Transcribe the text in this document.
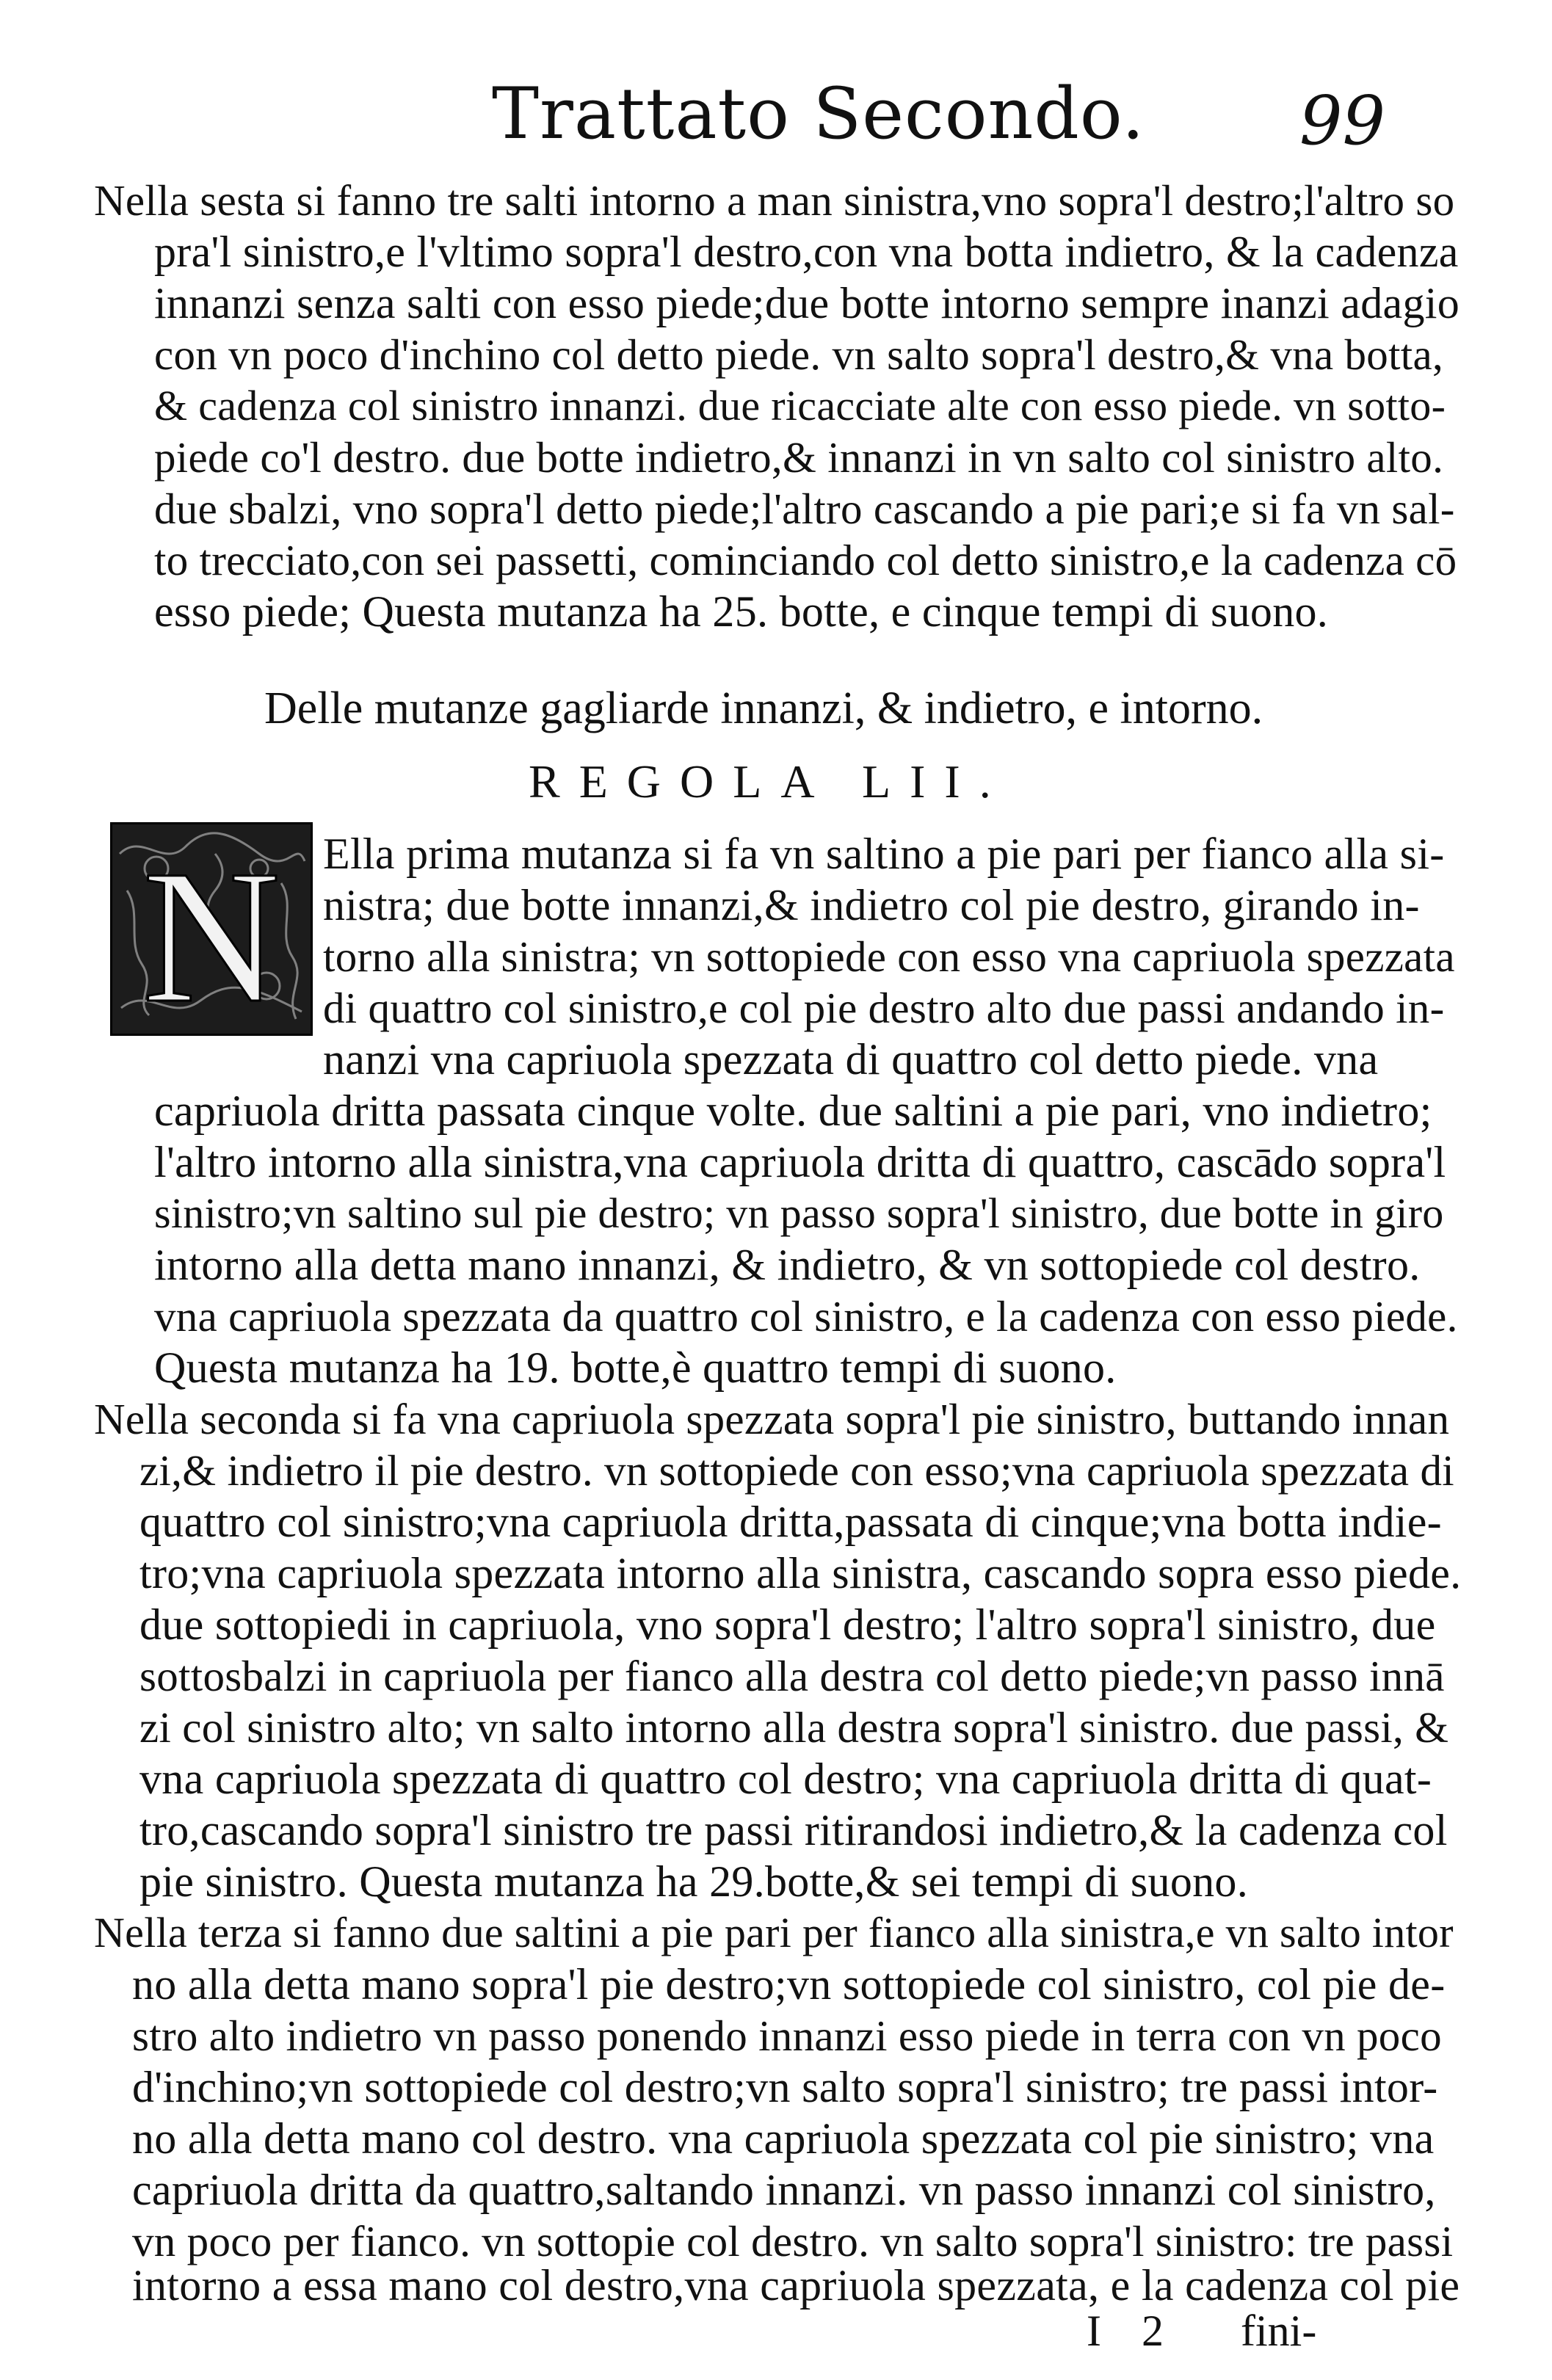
Trattato Secondo. 99
Nella sesta si fanno tre salti intorno a man sinistra,vno sopra'l destro;l'altro so
pra'l sinistro,e l'vltimo sopra'l destro,con vna botta indietro, & la cadenza
innanzi senza salti con esso piede;due botte intorno sempre inanzi adagio
con vn poco d'inchino col detto piede. vn salto sopra'l destro,& vna botta,
& cadenza col sinistro innanzi. due ricacciate alte con esso piede. vn sotto-
piede co'l destro. due botte indietro,& innanzi in vn salto col sinistro alto.
due sbalzi, vno sopra'l detto piede;l'altro cascando a pie pari;e si fa vn sal-
to trecciato,con sei passetti, cominciando col detto sinistro,e la cadenza cō
esso piede; Questa mutanza ha 25. botte, e cinque tempi di suono.
Delle mutanze gagliarde innanzi, & indietro, e intorno.
REGOLA LII.
N Ella prima mutanza si fa vn saltino a pie pari per fianco alla si-
nistra; due botte innanzi,& indietro col pie destro, girando in-
torno alla sinistra; vn sottopiede con esso vna capriuola spezzata
di quattro col sinistro,e col pie destro alto due passi andando in-
nanzi vna capriuola spezzata di quattro col detto piede. vna
capriuola dritta passata cinque volte. due saltini a pie pari, vno indietro;
l'altro intorno alla sinistra,vna capriuola dritta di quattro, cascādo sopra'l
sinistro;vn saltino sul pie destro; vn passo sopra'l sinistro, due botte in giro
intorno alla detta mano innanzi, & indietro, & vn sottopiede col destro.
vna capriuola spezzata da quattro col sinistro, e la cadenza con esso piede.
Questa mutanza ha 19. botte,è quattro tempi di suono.
Nella seconda si fa vna capriuola spezzata sopra'l pie sinistro, buttando innan
zi,& indietro il pie destro. vn sottopiede con esso;vna capriuola spezzata di
quattro col sinistro;vna capriuola dritta,passata di cinque;vna botta indie-
tro;vna capriuola spezzata intorno alla sinistra, cascando sopra esso piede.
due sottopiedi in capriuola, vno sopra'l destro; l'altro sopra'l sinistro, due
sottosbalzi in capriuola per fianco alla destra col detto piede;vn passo innā
zi col sinistro alto; vn salto intorno alla destra sopra'l sinistro. due passi, &
vna capriuola spezzata di quattro col destro; vna capriuola dritta di quat-
tro,cascando sopra'l sinistro tre passi ritirandosi indietro,& la cadenza col
pie sinistro. Questa mutanza ha 29.botte,& sei tempi di suono.
Nella terza si fanno due saltini a pie pari per fianco alla sinistra,e vn salto intor
no alla detta mano sopra'l pie destro;vn sottopiede col sinistro, col pie de-
stro alto indietro vn passo ponendo innanzi esso piede in terra con vn poco
d'inchino;vn sottopiede col destro;vn salto sopra'l sinistro; tre passi intor-
no alla detta mano col destro. vna capriuola spezzata col pie sinistro; vna
capriuola dritta da quattro,saltando innanzi. vn passo innanzi col sinistro,
vn poco per fianco. vn sottopie col destro. vn salto sopra'l sinistro: tre passi
intorno a essa mano col destro,vna capriuola spezzata, e la cadenza col pie
I 2 fini-
